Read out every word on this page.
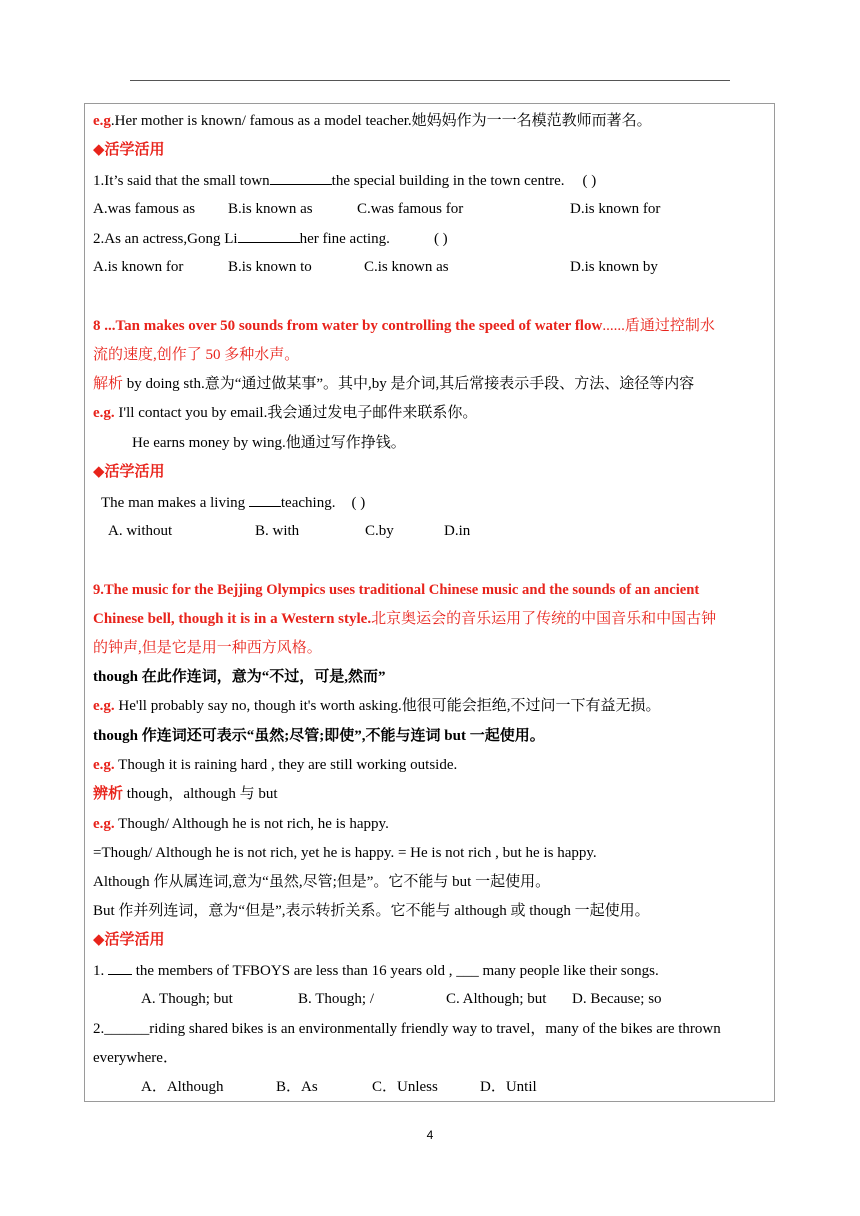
e.g.Her mother is known/ famous as a model teacher.她妈妈作为一一名模范教师而著名。
◆活学活用
1.It’s said that the small town	the special building in the town centre. ( )
A.was famous as B.is known as	C.was famous for	D.is known for
2.As an actress,Gong Li	her fine acting.	( )
A.is known for	B.is known to	C.is known as	D.is known by
8 ...Tan makes over 50 sounds from water by controlling the speed of water flow......盾通过控制水
流的速度,创作了 50 多种水声。
解析 by doing sth.意为“通过做某事”。其中,by 是介词,其后常接表示手段、方法、途径等内容
e.g. I'll contact you by email.我会通过发电子邮件来联系你。
He earns money by wing.他通过写作挣钱。
◆活学活用
The man makes a living teaching. ( )
A. without	B. with	C.by	D.in
9.The music for the Bejjing Olympics uses traditional Chinese music and the sounds of an ancient
Chinese bell, though it is in a Western style.北京奥运会的音乐运用了传统的中国音乐和中国古钟
的钟声,但是它是用一种西方风格。
though 在此作连词，意为“不过，可是,然而”
e.g. He'll probably say no, though it's worth asking.他很可能会拒绝,不过问一下有益无损。
though 作连词还可表示“虽然;尽管;即使”,不能与连词 but 一起使用。
e.g. Though it is raining hard , they are still working outside.
辨析 though，although 与 but
e.g. Though/ Although he is not rich, he is happy.
=Though/ Although he is not rich, yet he is happy. = He is not rich , but he is happy.
Although 作从属连词,意为“虽然,尽管;但是”。它不能与 but 一起使用。
But 作并列连词，意为“但是”,表示转折关系。它不能与 although 或 though 一起使用。
◆活学活用
1.  the members of TFBOYS are less than 16 years old , ___ many people like their songs.
A. Though; but	B. Though; /	C. Although; but D. Because; so
2.______riding shared bikes is an environmentally friendly way to travel，many of the bikes are thrown
everywhere．
A．Although	B．As	C．Unless	D．Until
4
